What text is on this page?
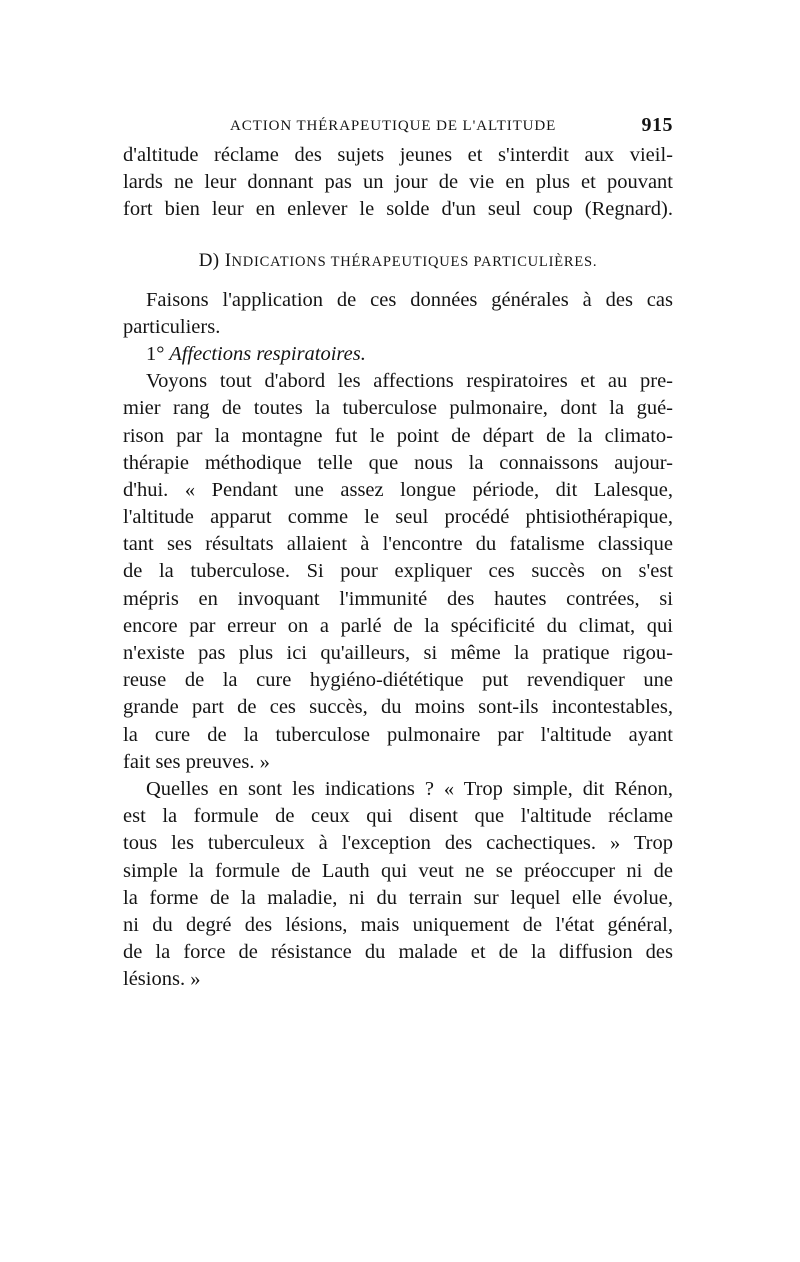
ACTION THÉRAPEUTIQUE DE L'ALTITUDE	915
d'altitude réclame des sujets jeunes et s'interdit aux vieil-
lards ne leur donnant pas un jour de vie en plus et pouvant
fort bien leur en enlever le solde d'un seul coup (Regnard).
D) INDICATIONS THÉRAPEUTIQUES PARTICULIÈRES.
Faisons l'application de ces données générales à des cas
particuliers.
1° Affections respiratoires.
Voyons tout d'abord les affections respiratoires et au pre-
mier rang de toutes la tuberculose pulmonaire, dont la gué-
rison par la montagne fut le point de départ de la climato-
thérapie méthodique telle que nous la connaissons aujour-
d'hui. « Pendant une assez longue période, dit Lalesque,
l'altitude apparut comme le seul procédé phtisiothérapique,
tant ses résultats allaient à l'encontre du fatalisme classique
de la tuberculose. Si pour expliquer ces succès on s'est
mépris en invoquant l'immunité des hautes contrées, si
encore par erreur on a parlé de la spécificité du climat, qui
n'existe pas plus ici qu'ailleurs, si même la pratique rigou-
reuse de la cure hygiéno-diététique put revendiquer une
grande part de ces succès, du moins sont-ils incontestables,
la cure de la tuberculose pulmonaire par l'altitude ayant
fait ses preuves. »
Quelles en sont les indications ? « Trop simple, dit Rénon,
est la formule de ceux qui disent que l'altitude réclame
tous les tuberculeux à l'exception des cachectiques. » Trop
simple la formule de Lauth qui veut ne se préoccuper ni de
la forme de la maladie, ni du terrain sur lequel elle évolue,
ni du degré des lésions, mais uniquement de l'état général,
de la force de résistance du malade et de la diffusion des
lésions. »
